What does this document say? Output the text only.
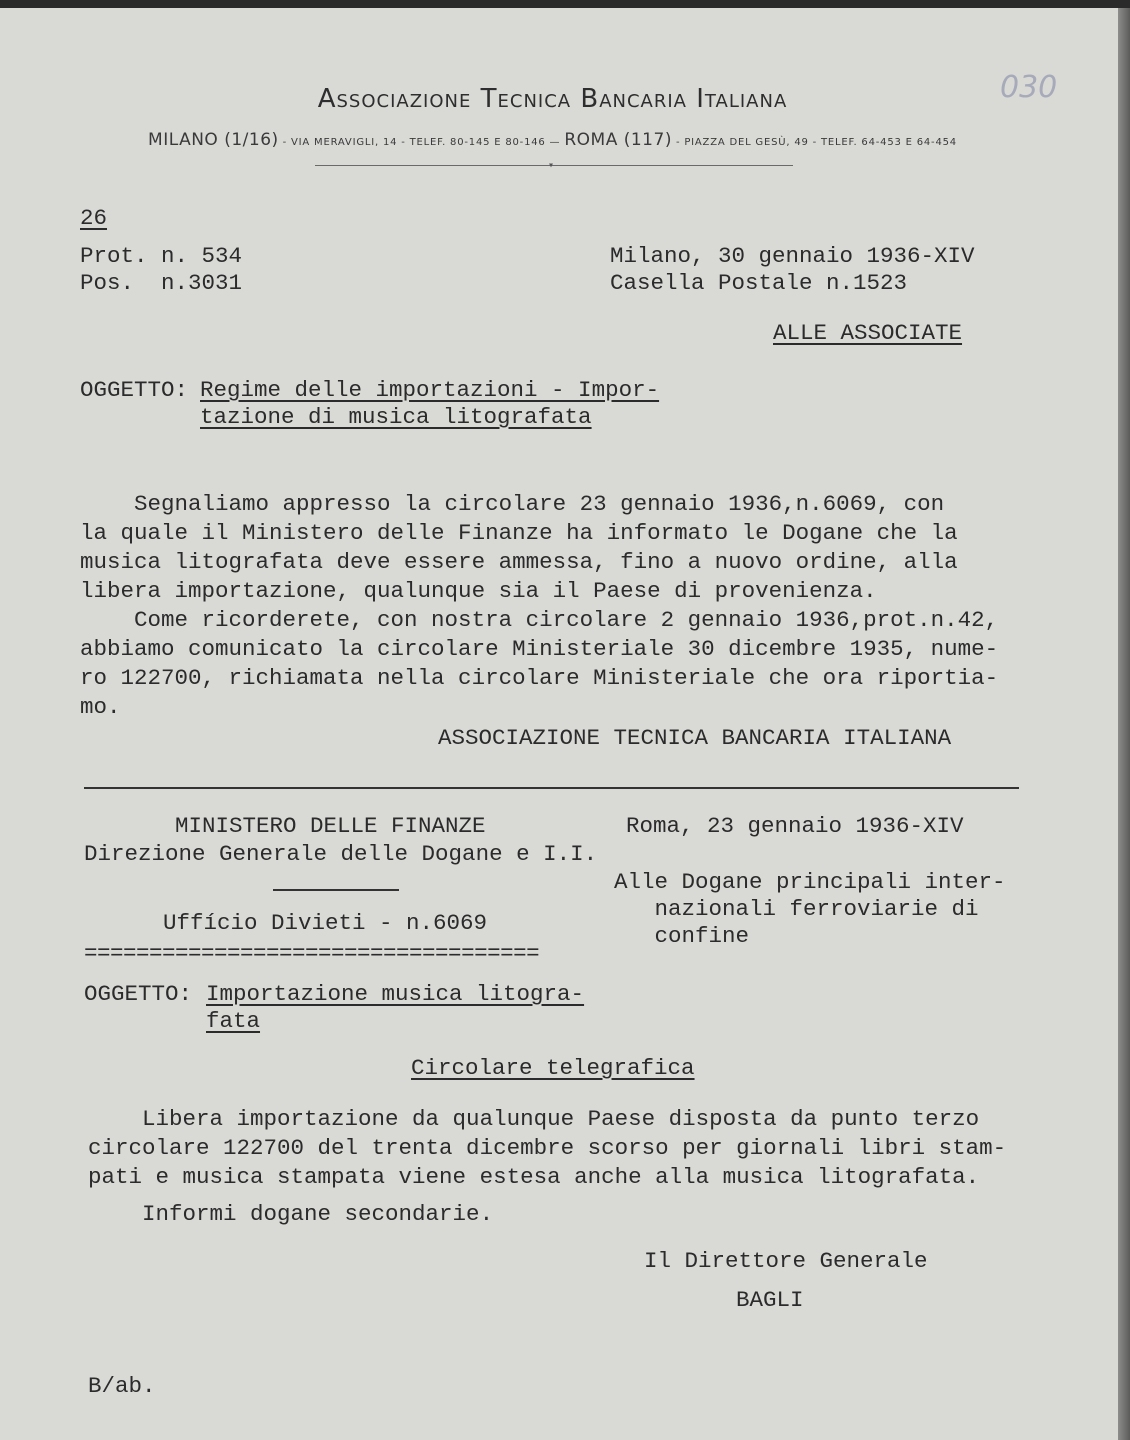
Associazione Tecnica Bancaria Italiana
MILANO (1/16) - VIA MERAVIGLI, 14 - TELEF. 80-145 E 80-146 — ROMA (117) - PIAZZA DEL GESÙ, 49 - TELEF. 64-453 E 64-454
▾
030
26
Prot. n. 534
Pos.  n.3031
Milano, 30 gennaio 1936-XIV
Casella Postale n.1523
ALLE ASSOCIATE
OGGETTO: Regime delle importazioni - Impor-
tazione di musica litografata
Segnaliamo appresso la circolare 23 gennaio 1936,n.6069, con
la quale il Ministero delle Finanze ha informato le Dogane che la
musica litografata deve essere ammessa, fino a nuovo ordine, alla
libera importazione, qualunque sia il Paese di provenienza.
Come ricorderete, con nostra circolare 2 gennaio 1936,prot.n.42,
abbiamo comunicato la circolare Ministeriale 30 dicembre 1935, nume-
ro 122700, richiamata nella circolare Ministeriale che ora riportia-
mo.
ASSOCIAZIONE TECNICA BANCARIA ITALIANA
MINISTERO DELLE FINANZE
Direzione Generale delle Dogane e I.I.
Uffício Divieti - n.6069
===================================
Roma, 23 gennaio 1936-XIV
Alle Dogane principali inter-
nazionali ferroviarie di
confine
OGGETTO: Importazione musica litogra-
fata
Circolare telegrafica
Libera importazione da qualunque Paese disposta da punto terzo
circolare 122700 del trenta dicembre scorso per giornali libri stam-
pati e musica stampata viene estesa anche alla musica litografata.
Informi dogane secondarie.
Il Direttore Generale
BAGLI
B/ab.
